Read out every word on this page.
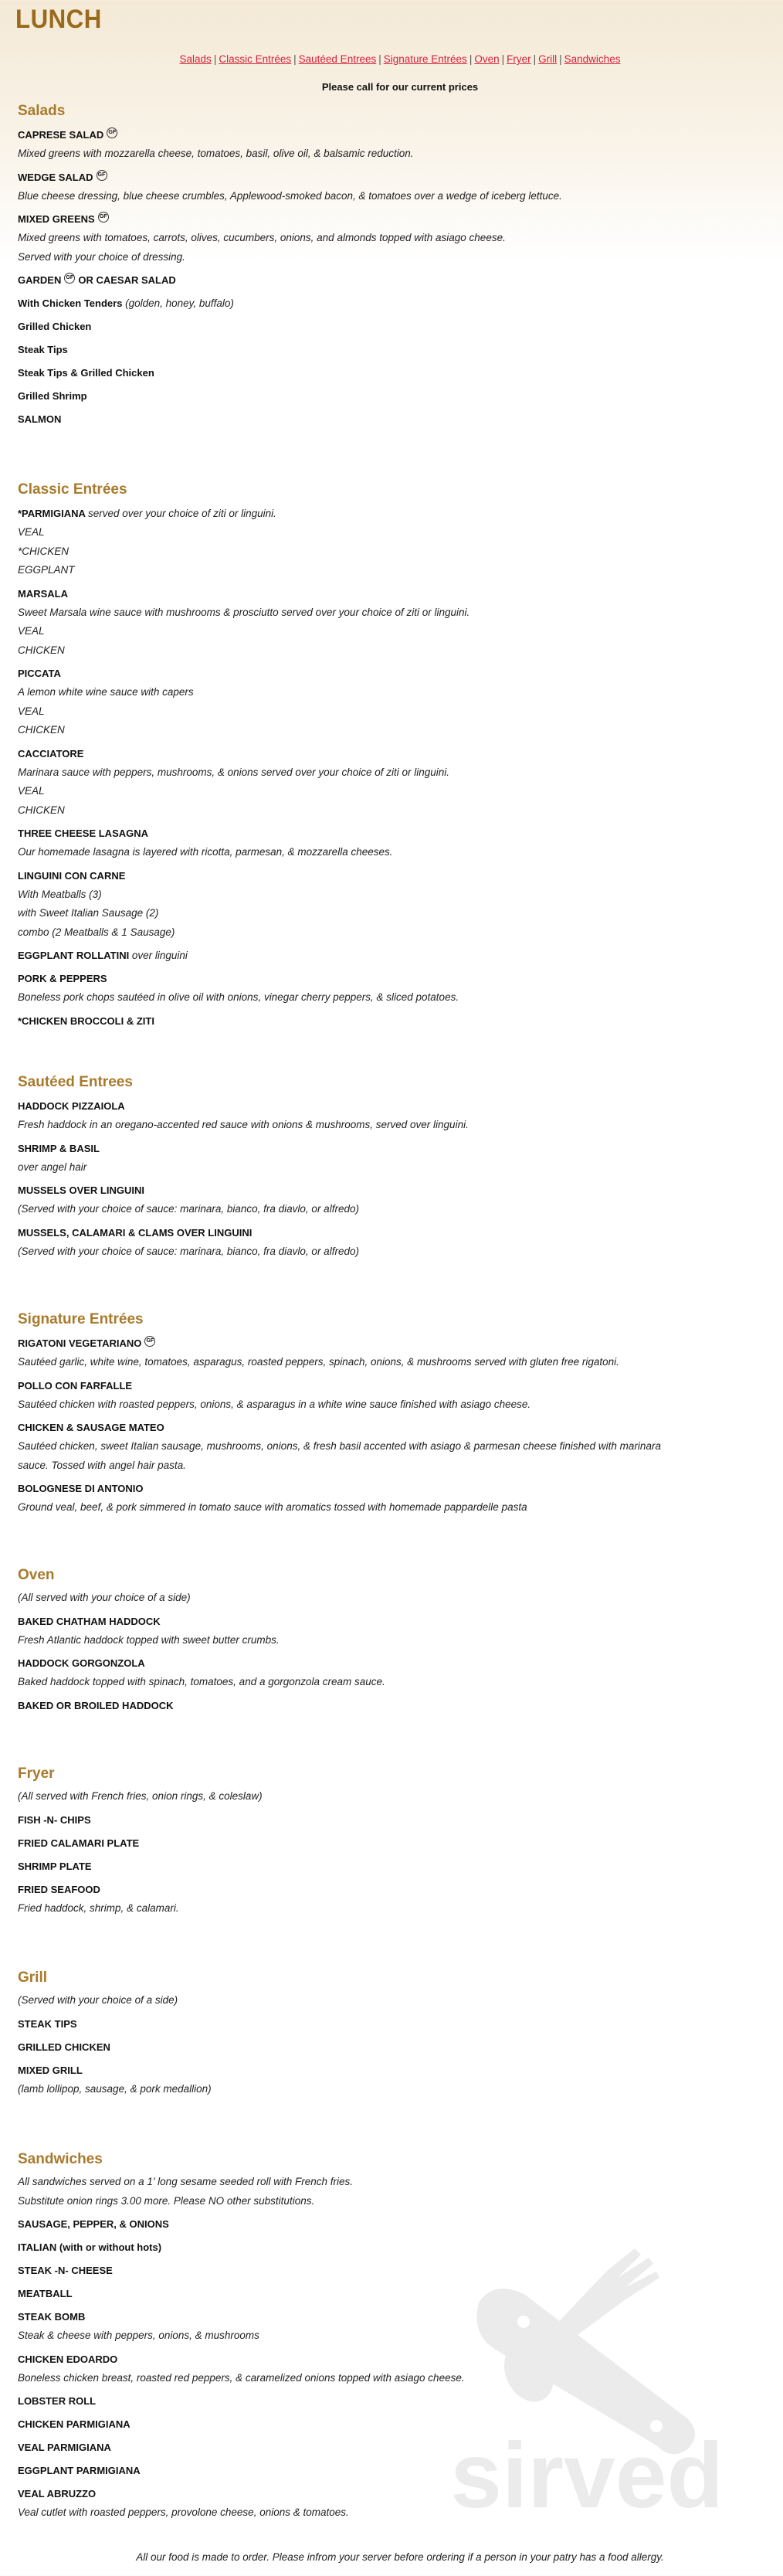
LUNCH
Salads | Classic Entrées | Sautéed Entrees | Signature Entrées | Oven | Fryer | Grill | Sandwiches
Please call for our current prices
Salads
CAPRESE SALAD GF
Mixed greens with mozzarella cheese, tomatoes, basil, olive oil, & balsamic reduction.
WEDGE SALAD GF
Blue cheese dressing, blue cheese crumbles, Applewood-smoked bacon, & tomatoes over a wedge of iceberg lettuce.
MIXED GREENS GF
Mixed greens with tomatoes, carrots, olives, cucumbers, onions, and almonds topped with asiago cheese.
Served with your choice of dressing.
GARDEN GF OR CAESAR SALAD
With Chicken Tenders (golden, honey, buffalo)
Grilled Chicken
Steak Tips
Steak Tips & Grilled Chicken
Grilled Shrimp
SALMON
Classic Entrées
*PARMIGIANA served over your choice of ziti or linguini.
VEAL
*CHICKEN
EGGPLANT
MARSALA
Sweet Marsala wine sauce with mushrooms & prosciutto served over your choice of ziti or linguini.
VEAL
CHICKEN
PICCATA
A lemon white wine sauce with capers
VEAL
CHICKEN
CACCIATORE
Marinara sauce with peppers, mushrooms, & onions served over your choice of ziti or linguini.
VEAL
CHICKEN
THREE CHEESE LASAGNA
Our homemade lasagna is layered with ricotta, parmesan, & mozzarella cheeses.
LINGUINI CON CARNE
With Meatballs (3)
with Sweet Italian Sausage (2)
combo (2 Meatballs & 1 Sausage)
EGGPLANT ROLLATINI over linguini
PORK & PEPPERS
Boneless pork chops sautéed in olive oil with onions, vinegar cherry peppers, & sliced potatoes.
*CHICKEN BROCCOLI & ZITI
Sautéed Entrees
HADDOCK PIZZAIOLA
Fresh haddock in an oregano-accented red sauce with onions & mushrooms, served over linguini.
SHRIMP & BASIL
over angel hair
MUSSELS OVER LINGUINI
(Served with your choice of sauce: marinara, bianco, fra diavlo, or alfredo)
MUSSELS, CALAMARI & CLAMS OVER LINGUINI
(Served with your choice of sauce: marinara, bianco, fra diavlo, or alfredo)
Signature Entrées
RIGATONI VEGETARIANO GF
Sautéed garlic, white wine, tomatoes, asparagus, roasted peppers, spinach, onions, & mushrooms served with gluten free rigatoni.
POLLO CON FARFALLE
Sautéed chicken with roasted peppers, onions, & asparagus in a white wine sauce finished with asiago cheese.
CHICKEN & SAUSAGE MATEO
Sautéed chicken, sweet Italian sausage, mushrooms, onions, & fresh basil accented with asiago & parmesan cheese finished with marinara
sauce. Tossed with angel hair pasta.
BOLOGNESE DI ANTONIO
Ground veal, beef, & pork simmered in tomato sauce with aromatics tossed with homemade pappardelle pasta
Oven
(All served with your choice of a side)
BAKED CHATHAM HADDOCK
Fresh Atlantic haddock topped with sweet butter crumbs.
HADDOCK GORGONZOLA
Baked haddock topped with spinach, tomatoes, and a gorgonzola cream sauce.
BAKED OR BROILED HADDOCK
Fryer
(All served with French fries, onion rings, & coleslaw)
FISH -N- CHIPS
FRIED CALAMARI PLATE
SHRIMP PLATE
FRIED SEAFOOD
Fried haddock, shrimp, & calamari.
Grill
(Served with your choice of a side)
STEAK TIPS
GRILLED CHICKEN
MIXED GRILL
(lamb lollipop, sausage, & pork medallion)
Sandwiches
All sandwiches served on a 1' long sesame seeded roll with French fries.
Substitute onion rings 3.00 more. Please NO other substitutions.
SAUSAGE, PEPPER, & ONIONS
ITALIAN (with or without hots)
STEAK -N- CHEESE
MEATBALL
STEAK BOMB
Steak & cheese with peppers, onions, & mushrooms
CHICKEN EDOARDO
Boneless chicken breast, roasted red peppers, & caramelized onions topped with asiago cheese.
LOBSTER ROLL
CHICKEN PARMIGIANA
VEAL PARMIGIANA
EGGPLANT PARMIGIANA
VEAL ABRUZZO
Veal cutlet with roasted peppers, provolone cheese, onions & tomatoes.	sirved
All our food is made to order. Please infrom your server before ordering if a person in your patry has a food allergy.
